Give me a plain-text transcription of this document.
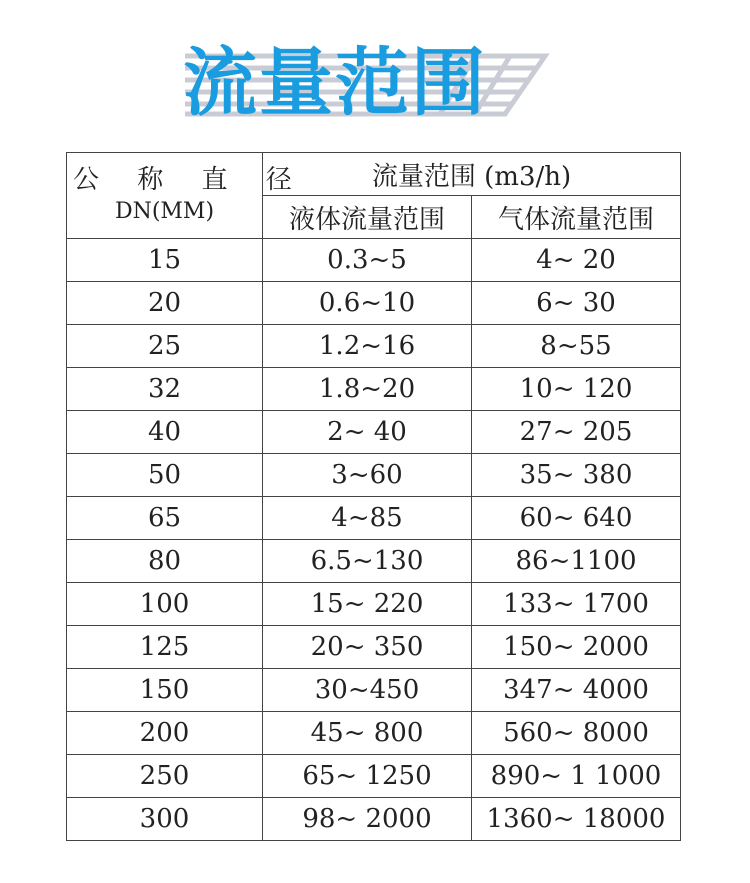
流量范围
公 称 直 径
DN(MM)	流量范围 (m3/h)	
	液体流量范围	气体流量范围
15	0.3~5	4~ 20
20	0.6~10	6~ 30
25	1.2~16	8~55
32	1.8~20	10~ 120
40	2~ 40	27~ 205
50	3~60	35~ 380
65	4~85	60~ 640
80	6.5~130	86~1100
100	15~ 220	133~ 1700
125	20~ 350	150~ 2000
150	30~450	347~ 4000
200	45~ 800	560~ 8000
250	65~ 1250	890~ 1 1000
300	98~ 2000	1360~ 18000
